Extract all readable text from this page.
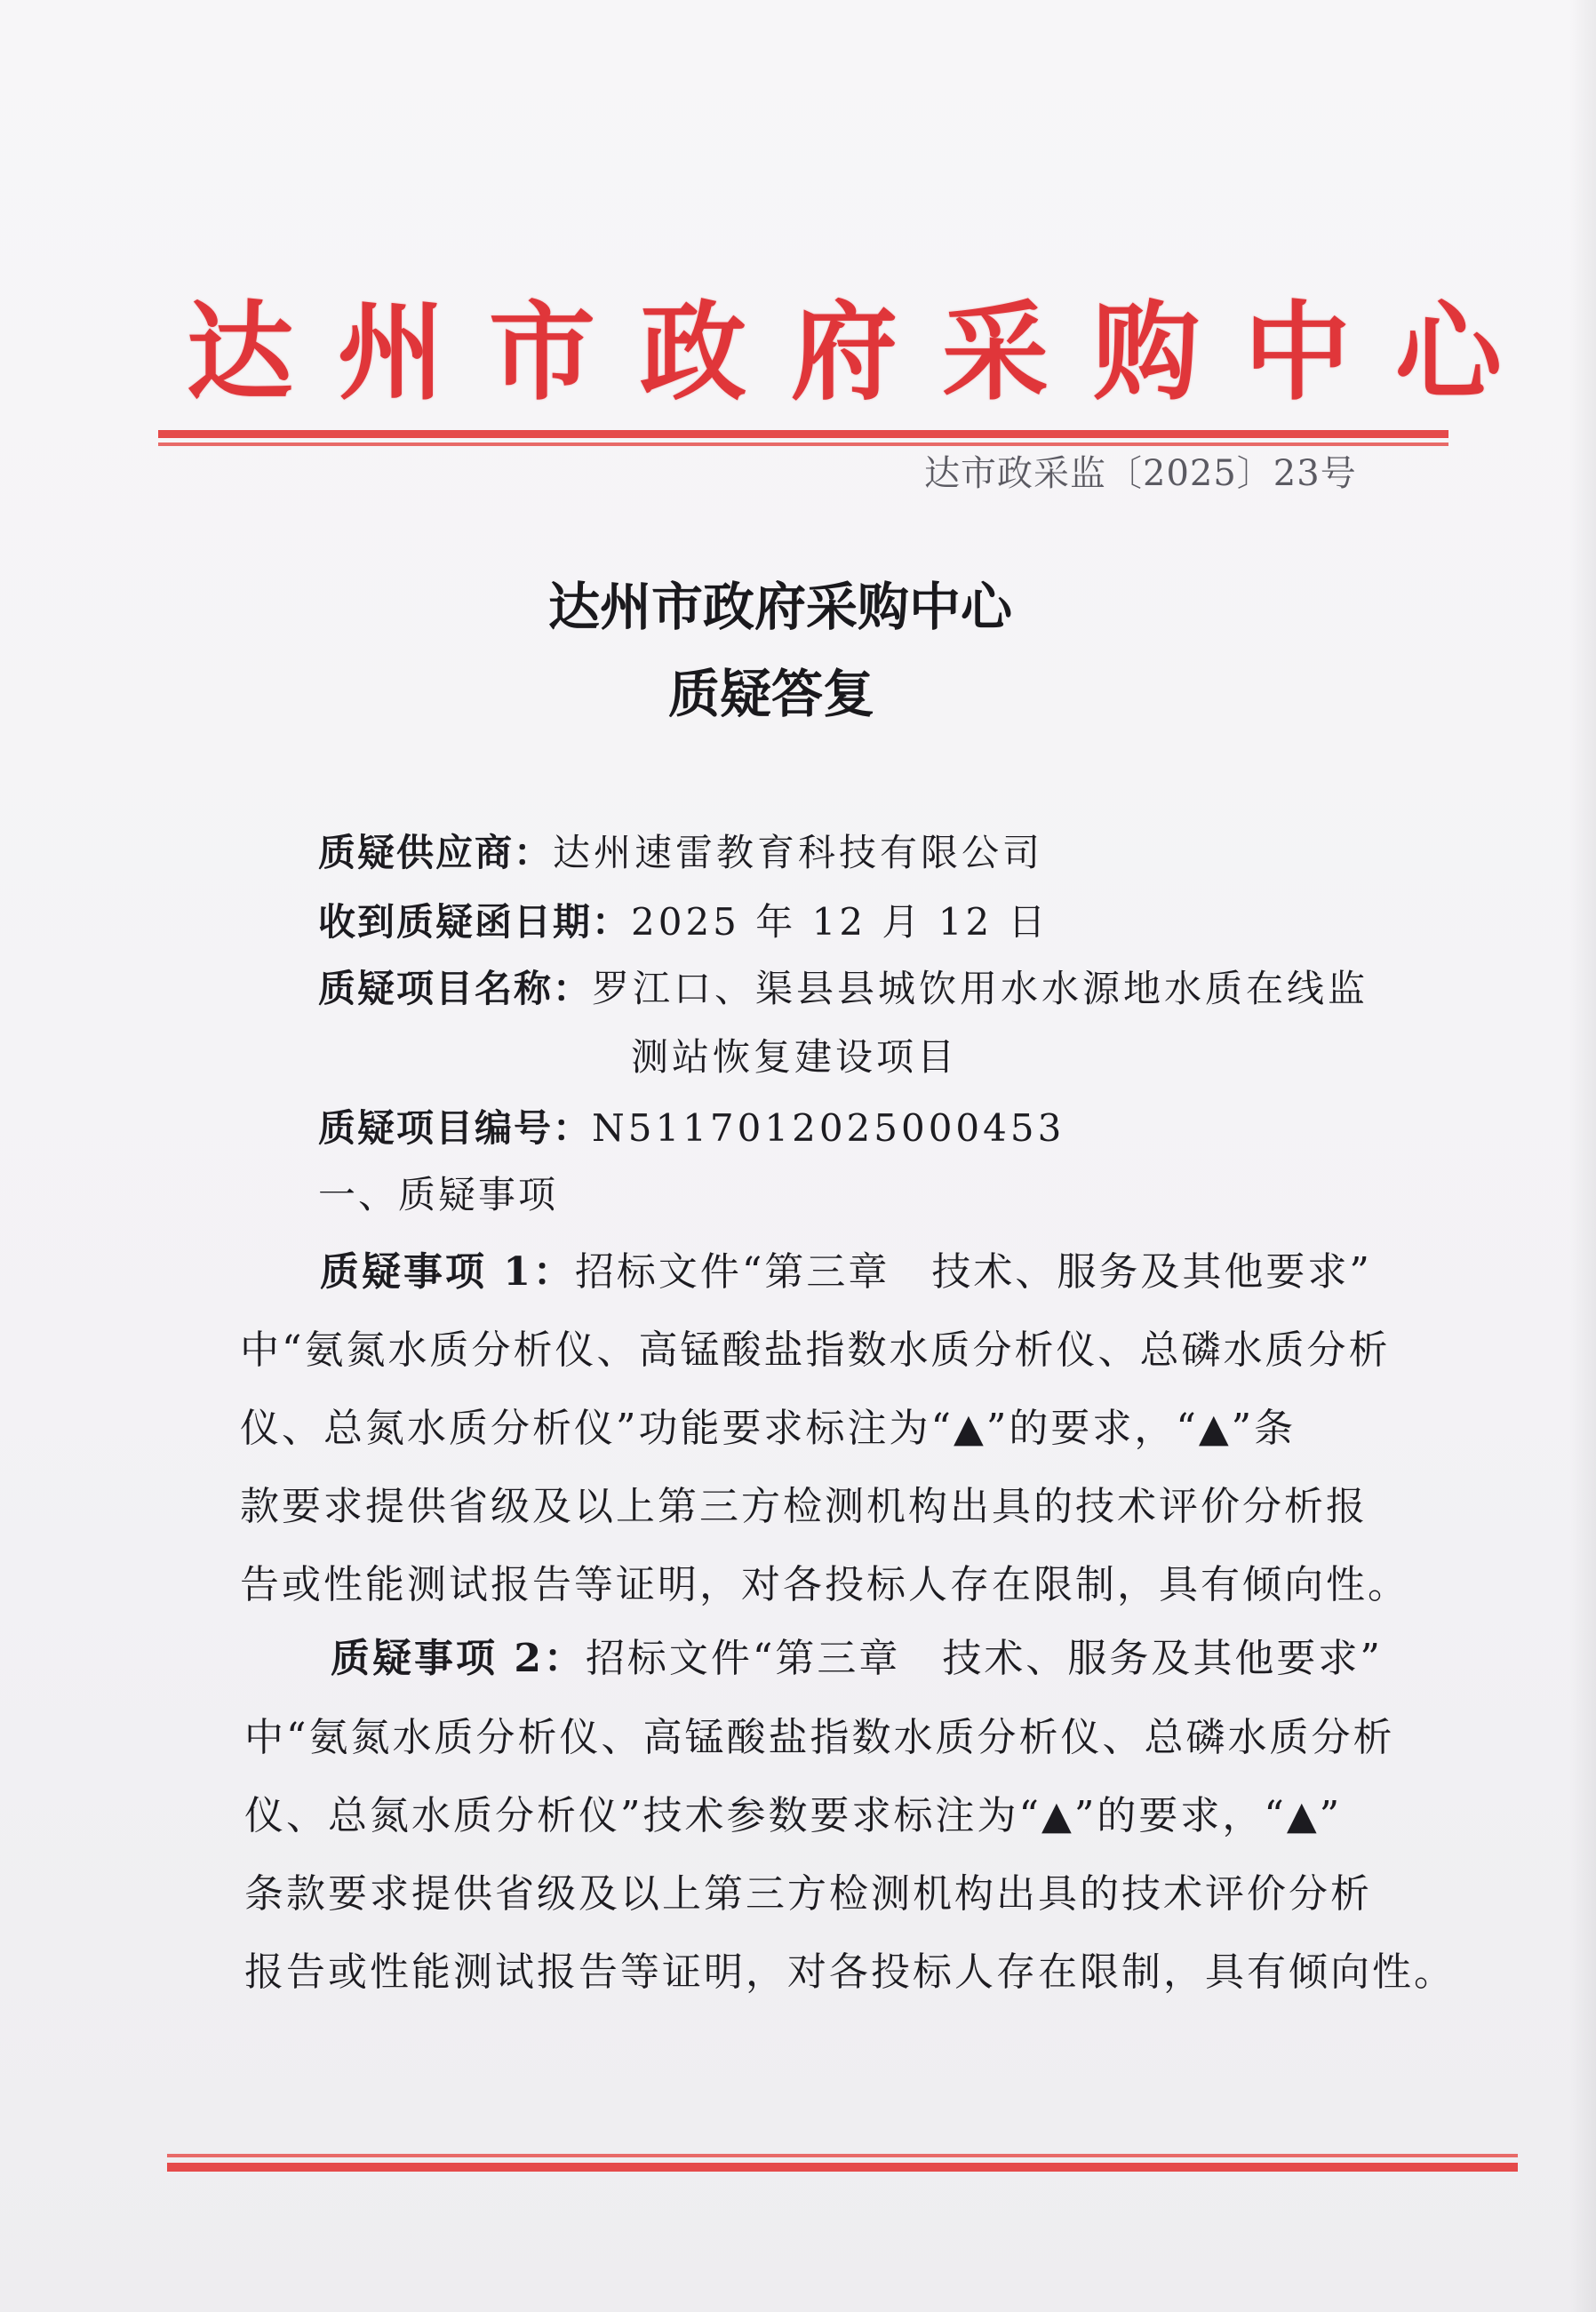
达州市政府采购中心
达市政采监〔2025〕23号
达州市政府采购中心
质疑答复
质疑供应商：达州速雷教育科技有限公司
收到质疑函日期：2025 年 12 月 12 日
质疑项目名称：罗江口、渠县县城饮用水水源地水质在线监
测站恢复建设项目
质疑项目编号：N5117012025000453
一、质疑事项
质疑事项 1：招标文件“第三章　技术、服务及其他要求”
中“氨氮水质分析仪、高锰酸盐指数水质分析仪、总磷水质分析
仪、总氮水质分析仪”功能要求标注为“▲”的要求，“▲”条
款要求提供省级及以上第三方检测机构出具的技术评价分析报
告或性能测试报告等证明，对各投标人存在限制，具有倾向性。
质疑事项 2：招标文件“第三章　技术、服务及其他要求”
中“氨氮水质分析仪、高锰酸盐指数水质分析仪、总磷水质分析
仪、总氮水质分析仪”技术参数要求标注为“▲”的要求，“▲”
条款要求提供省级及以上第三方检测机构出具的技术评价分析
报告或性能测试报告等证明，对各投标人存在限制，具有倾向性。
